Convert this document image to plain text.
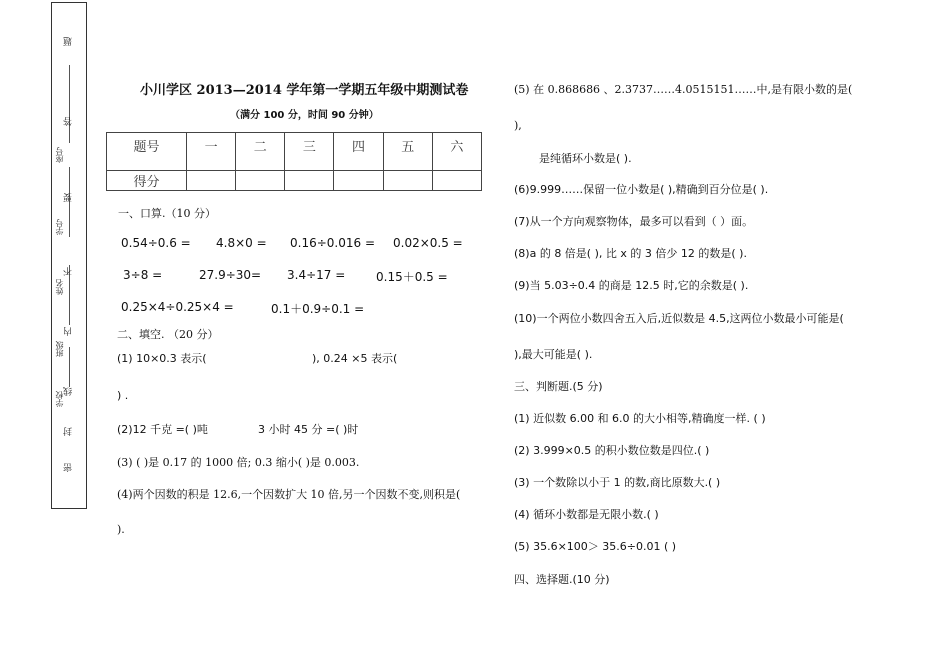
题
答
座号
要
学号
不
姓名
内
班级
线
学校
封
密
小川学区 2013—2014 学年第一学期五年级中期测试卷
（满分 100 分，时间 90 分钟）
题号	一	二	三	四	五	六
得分						
一、口算.（10 分）
0.54÷0.6 = 4.8×0 = 0.16÷0.016 = 0.02×0.5 =
3÷8 =	27.9÷30= 3.4÷17 =	0.15＋0.5 =
0.25×4÷0.25×4 =	0.1＋0.9÷0.1 =
二、填空. （20 分）
(1) 10×0.3 表示(	), 0.24 ×5 表示(
) .
(2)12 千克 =( )吨	3 小时 45 分 =( )时
(3) ( )是 0.17 的 1000 倍; 0.3 缩小( )是 0.003.
(4)两个因数的积是 12.6,一个因数扩大 10 倍,另一个因数不变,则积是(
).
(5) 在 0.868686 、2.3737……4.0515151……中,是有限小数的是(
),
是纯循环小数是( ).
(6)9.999……保留一位小数是( ),精确到百分位是( ).
(7)从一个方向观察物体，最多可以看到（ ）面。
(8)a 的 8 倍是( ), 比 x 的 3 倍少 12 的数是( ).
(9)当 5.03÷0.4 的商是 12.5 时,它的余数是( ).
(10)一个两位小数四舍五入后,近似数是 4.5,这两位小数最小可能是(
),最大可能是( ).
三、判断题.(5 分)
(1) 近似数 6.00 和 6.0 的大小相等,精确度一样. ( )
(2) 3.999×0.5 的积小数位数是四位.( )
(3) 一个数除以小于 1 的数,商比原数大.( )
(4) 循环小数都是无限小数.( )
(5) 35.6×100＞ 35.6÷0.01 ( )
四、选择题.(10 分)
